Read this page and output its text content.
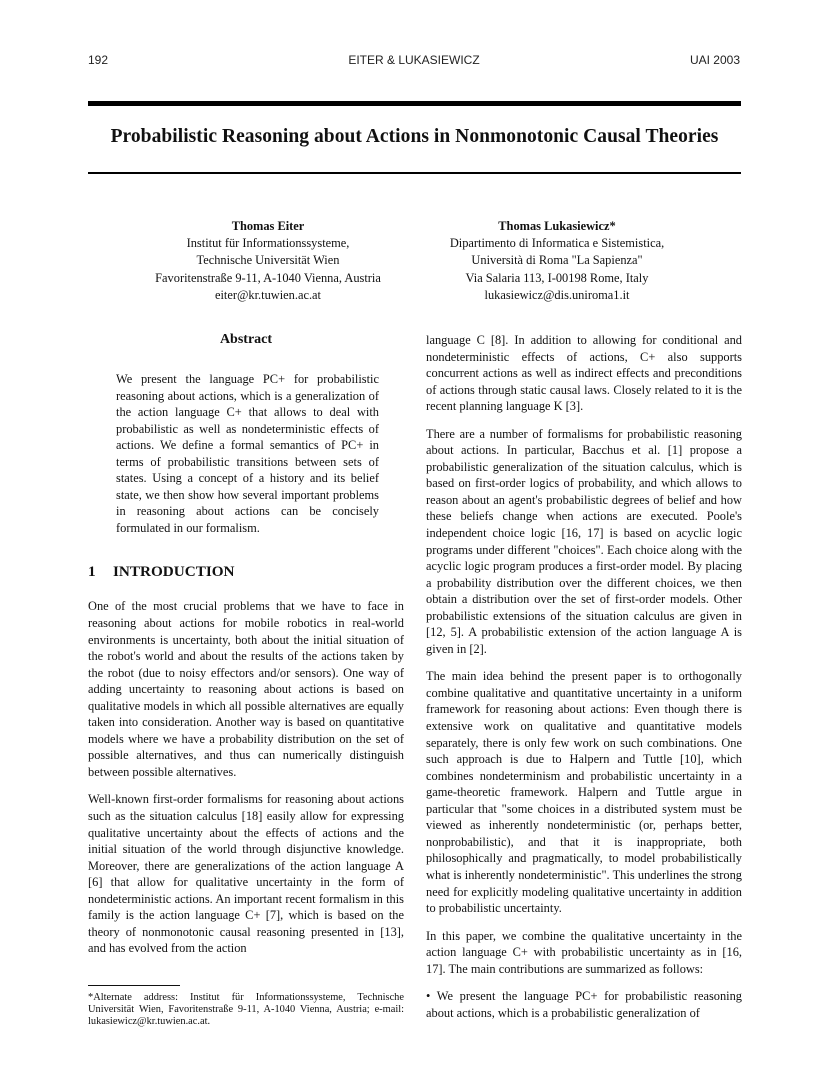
192	EITER & LUKASIEWICZ	UAI 2003
Probabilistic Reasoning about Actions in Nonmonotonic Causal Theories
Thomas Eiter
Institut für Informationssysteme,
Technische Universität Wien
Favoritenstraße 9-11, A-1040 Vienna, Austria
eiter@kr.tuwien.ac.at
Thomas Lukasiewicz*
Dipartimento di Informatica e Sistemistica,
Università di Roma "La Sapienza"
Via Salaria 113, I-00198 Rome, Italy
lukasiewicz@dis.uniroma1.it
Abstract

We present the language PC+ for probabilistic reasoning about actions, which is a generalization of the action language C+ that allows to deal with probabilistic as well as nondeterministic effects of actions. We define a formal semantics of PC+ in terms of probabilistic transitions between sets of states. Using a concept of a history and its belief state, we then show how several important problems in reasoning about actions can be concisely formulated in our formalism.

1 INTRODUCTION

One of the most crucial problems that we have to face in reasoning about actions for mobile robotics in real-world environments is uncertainty, both about the initial situation of the robot's world and about the results of the actions taken by the robot (due to noisy effectors and/or sensors). One way of adding uncertainty to reasoning about actions is based on qualitative models in which all possible alternatives are equally taken into consideration. Another way is based on quantitative models where we have a probability distribution on the set of possible alternatives, and thus can numerically distinguish between possible alternatives.

Well-known first-order formalisms for reasoning about actions such as the situation calculus [18] easily allow for expressing qualitative uncertainty about the effects of actions and the initial situation of the world through disjunctive knowledge. Moreover, there are generalizations of the action language A [6] that allow for qualitative uncertainty in the form of nondeterministic actions. An important recent formalism in this family is the action language C+ [7], which is based on the theory of nonmonotonic causal reasoning presented in [13], and has evolved from the action

*Alternate address: Institut für Informationssysteme, Technische Universität Wien, Favoritenstraße 9-11, A-1040 Vienna, Austria; e-mail: lukasiewicz@kr.tuwien.ac.at.

language C [8]. In addition to allowing for conditional and nondeterministic effects of actions, C+ also supports concurrent actions as well as indirect effects and preconditions of actions through static causal laws. Closely related to it is the recent planning language K [3].

There are a number of formalisms for probabilistic reasoning about actions. In particular, Bacchus et al. [1] propose a probabilistic generalization of the situation calculus, which is based on first-order logics of probability, and which allows to reason about an agent's probabilistic degrees of belief and how these beliefs change when actions are executed. Poole's independent choice logic [16, 17] is based on acyclic logic programs under different "choices". Each choice along with the acyclic logic program produces a first-order model. By placing a probability distribution over the different choices, we then obtain a distribution over the set of first-order models. Other probabilistic extensions of the situation calculus are given in [12, 5]. A probabilistic extension of the action language A is given in [2].

The main idea behind the present paper is to orthogonally combine qualitative and quantitative uncertainty in a uniform framework for reasoning about actions: Even though there is extensive work on qualitative and quantitative models separately, there is only few work on such combinations. One such approach is due to Halpern and Tuttle [10], which combines nondeterminism and probabilistic uncertainty in a game-theoretic framework. Halpern and Tuttle argue in particular that "some choices in a distributed system must be viewed as inherently nondeterministic (or, perhaps better, nonprobabilistic), and that it is inappropriate, both philosophically and pragmatically, to model probabilistically what is inherently nondeterministic". This underlines the strong need for explicitly modeling qualitative uncertainty in addition to probabilistic uncertainty.

In this paper, we combine the qualitative uncertainty in the action language C+ with probabilistic uncertainty as in [16, 17]. The main contributions are summarized as follows:

• We present the language PC+ for probabilistic reasoning about actions, which is a probabilistic generalization of
